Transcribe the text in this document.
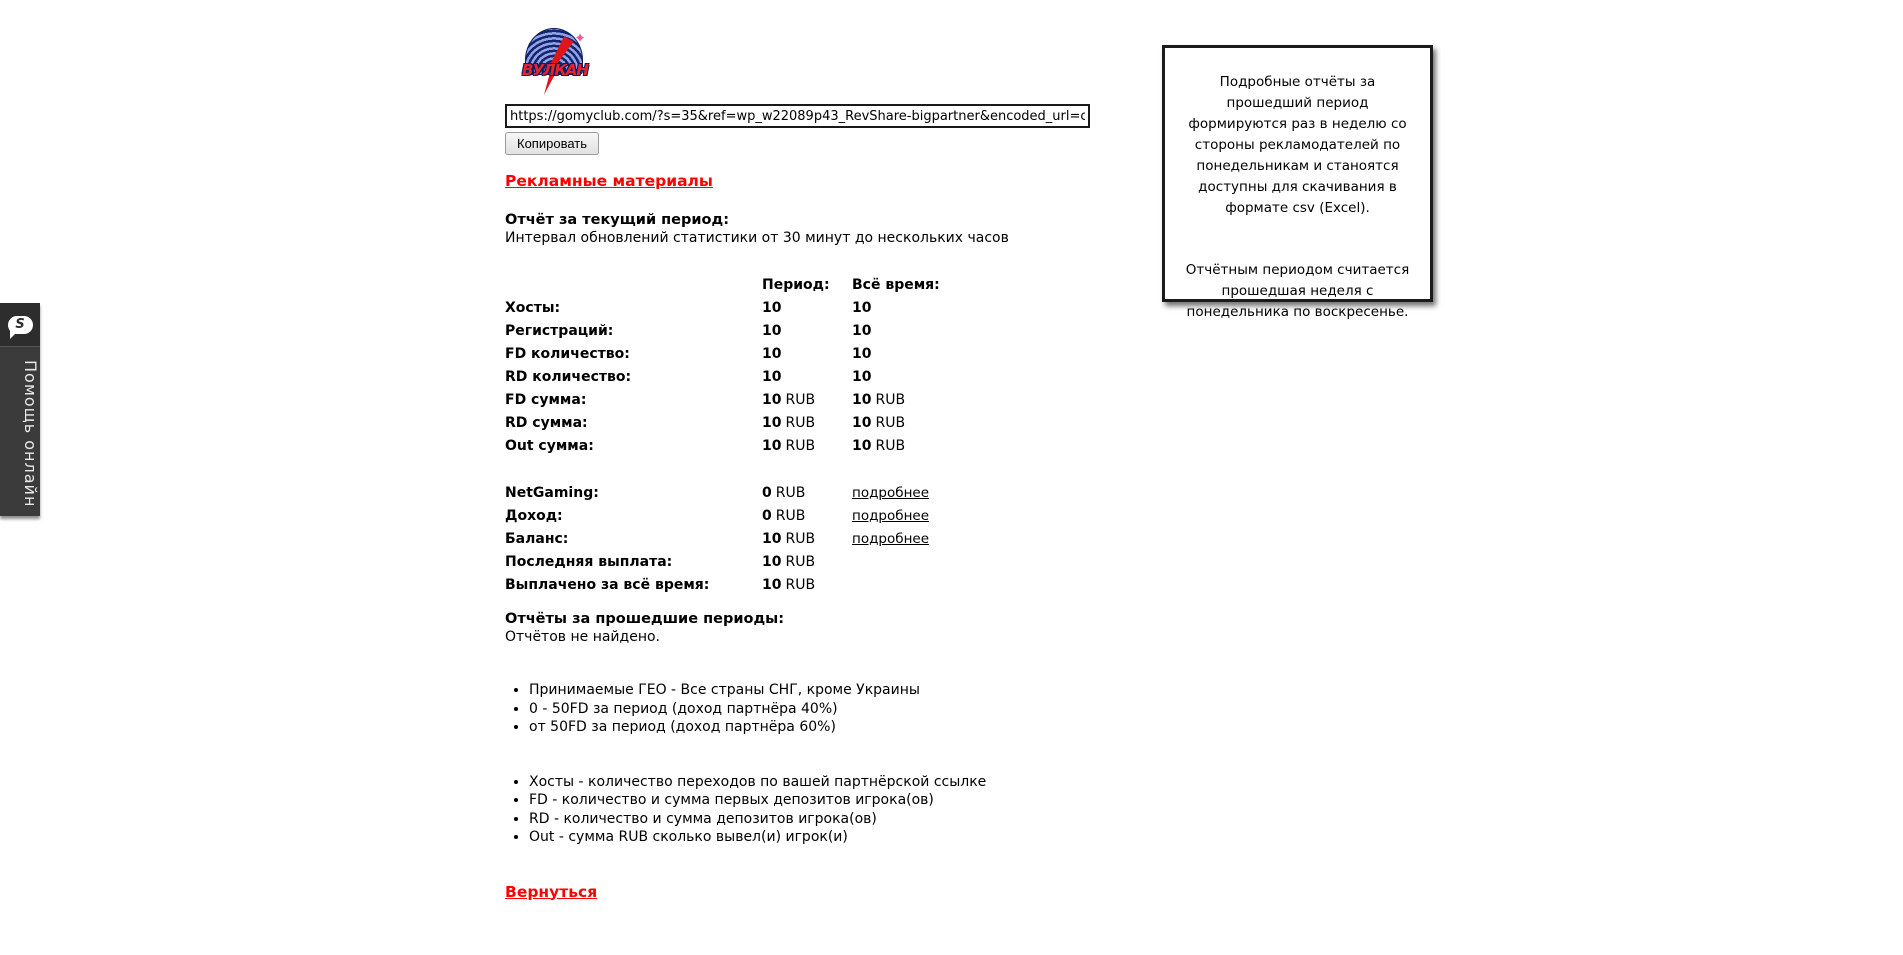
S
Помощь онлайн
✦
ВУЛКАН
https://gomyclub.com/?s=35&ref=wp_w22089p43_RevShare-bigpartner&encoded_url=cmVnaXN Копировать
Рекламные материалы
Отчёт за текущий период:
Интервал обновлений статистики от 30 минут до нескольких часов
Период:	Всё время:
Хосты:	10	10
Регистраций:	10	10
FD количество:	10	10
RD количество:	10	10
FD сумма:	10 RUB	10 RUB
RD сумма:	10 RUB	10 RUB
Out сумма:	10 RUB	10 RUB
NetGaming:	0 RUB	подробнее
Доход:	0 RUB	подробнее
Баланс:	10 RUB	подробнее
Последняя выплата:	10 RUB
Выплачено за всё время:	10 RUB
Отчёты за прошедшие периоды:
Отчётов не найдено.
• Принимаемые ГЕО - Все страны СНГ, кроме Украины
• 0 - 50FD за период (доход партнёра 40%)
• от 50FD за период (доход партнёра 60%)
• Хосты - количество переходов по вашей партнёрской ссылке
• FD - количество и сумма первых депозитов игрока(ов)
• RD - количество и сумма депозитов игрока(ов)
• Out - сумма RUB сколько вывел(и) игрок(и)
Вернуться
Подробные отчёты за прошедший период формируются раз в неделю со стороны рекламодателей по понедельникам и станоятся доступны для скачивания в формате csv (Excel).
Отчётным периодом считается прошедшая неделя с понедельника по воскресенье.
